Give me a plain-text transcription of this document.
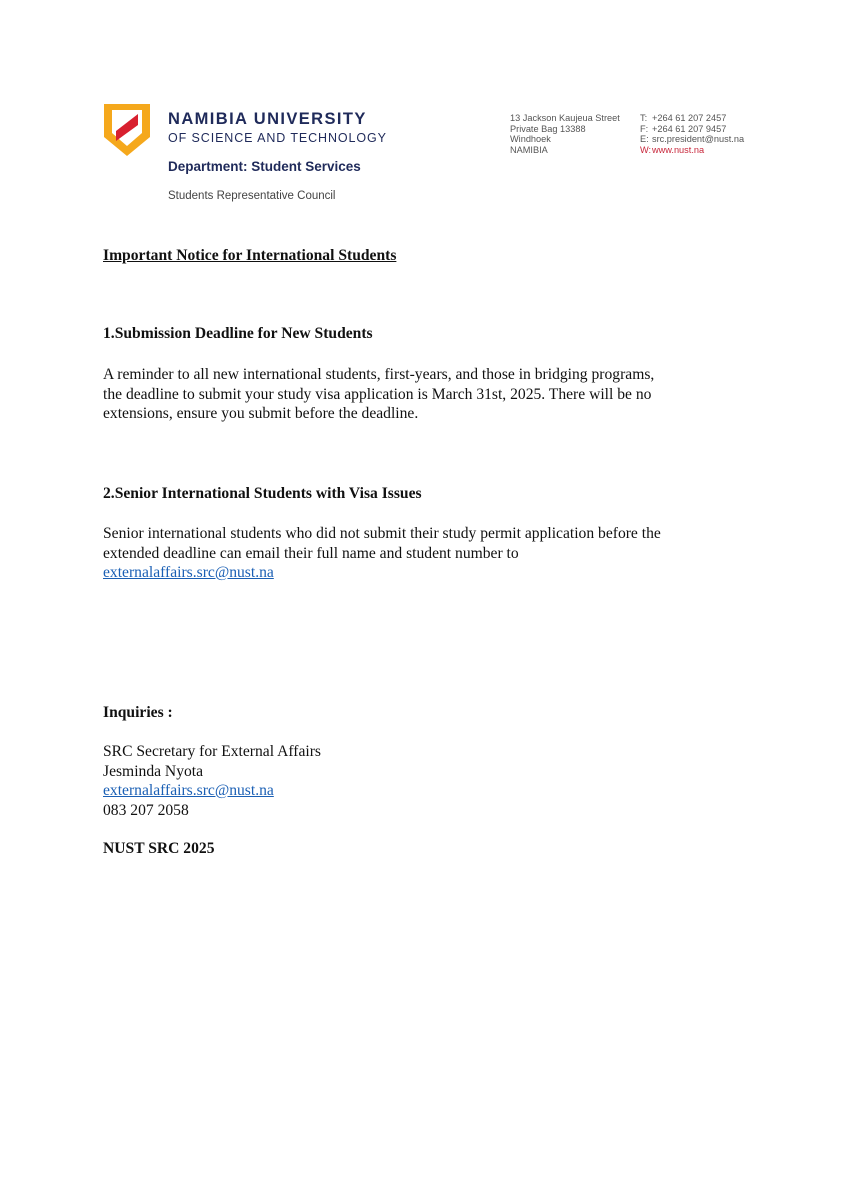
NAMIBIA UNIVERSITY
OF SCIENCE AND TECHNOLOGY
Department: Student Services
Students Representative Council
13 Jackson Kaujeua Street
Private Bag 13388
Windhoek
NAMIBIA
T: +264 61 207 2457
F: +264 61 207 9457
E: src.president@nust.na
W:www.nust.na
Important Notice for International Students
1.Submission Deadline for New Students
A reminder to all new international students, first-years, and those in bridging programs,
the deadline to submit your study visa application is March 31st, 2025. There will be no
extensions, ensure you submit before the deadline.
2.Senior International Students with Visa Issues
Senior international students who did not submit their study permit application before the
extended deadline can email their full name and student number to
externalaffairs.src@nust.na
Inquiries :
SRC Secretary for External Affairs
Jesminda Nyota
externalaffairs.src@nust.na
083 207 2058
NUST SRC 2025
